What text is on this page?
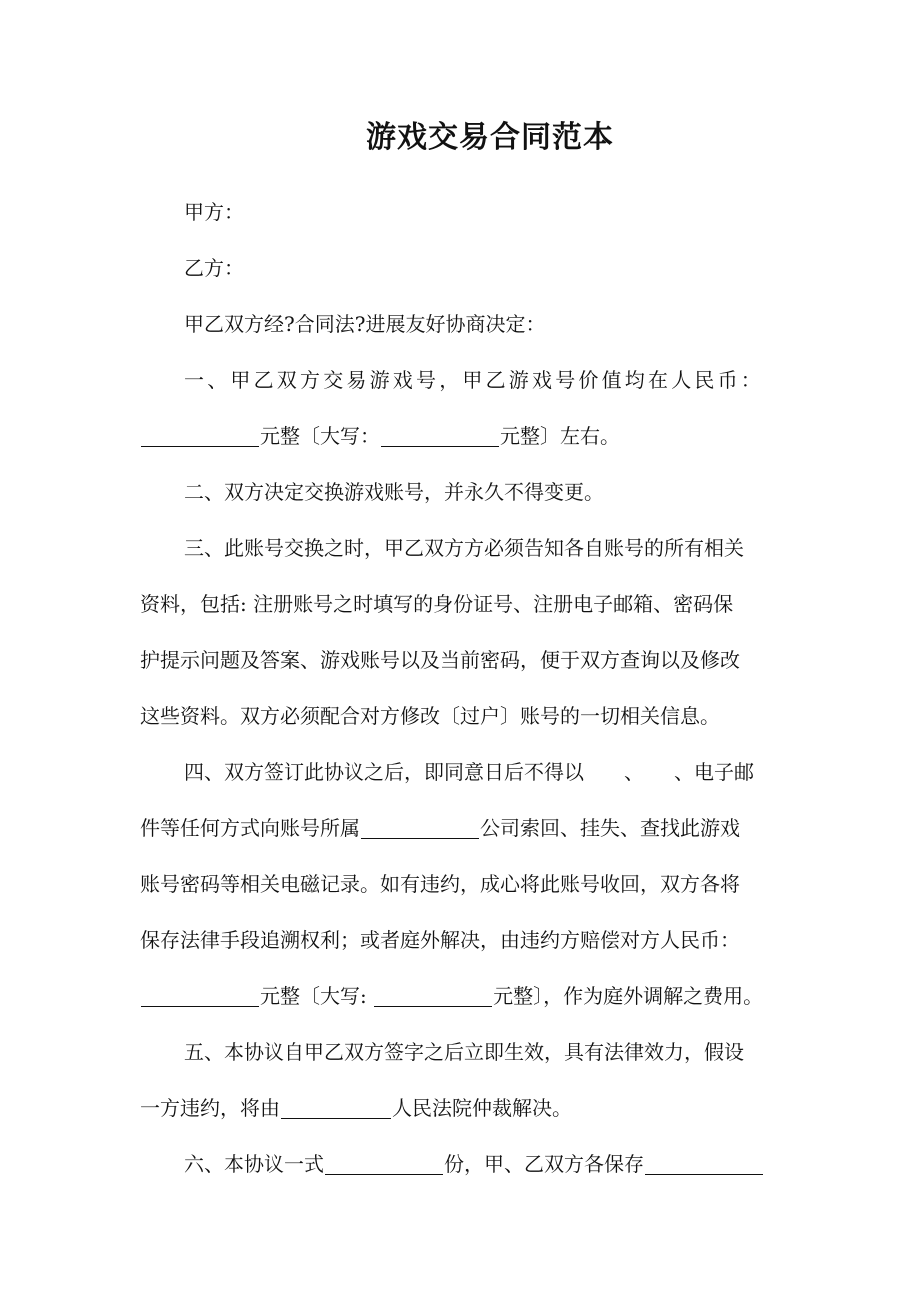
游戏交易合同范本
甲方：
乙方：
甲乙双方经?合同法?进展友好协商决定：
一、甲乙双方交易游戏号，甲乙游戏号价值均在人民币：
元整〔大写：	元整〕左右。
二、双方决定交换游戏账号，并永久不得变更。
三、此账号交换之时，甲乙双方方必须告知各自账号的所有相关
资料，包括: 注册账号之时填写的身份证号、注册电子邮箱、密码保
护提示问题及答案、游戏账号以及当前密码，便于双方查询以及修改
这些资料。双方必须配合对方修改〔过户〕账号的一切相关信息。
四、双方签订此协议之后，即同意日后不得以　　、　　、电子邮
件等任何方式向账号所属	公司索回、挂失、查找此游戏
账号密码等相关电磁记录。如有违约，成心将此账号收回，双方各将
保存法律手段追溯权利；或者庭外解决，由违约方赔偿对方人民币：
元整〔大写:	元整〕，作为庭外调解之费用。
五、本协议自甲乙双方签字之后立即生效，具有法律效力，假设
一方违约，将由	人民法院仲裁解决。
六、本协议一式	份，甲、乙双方各保存
